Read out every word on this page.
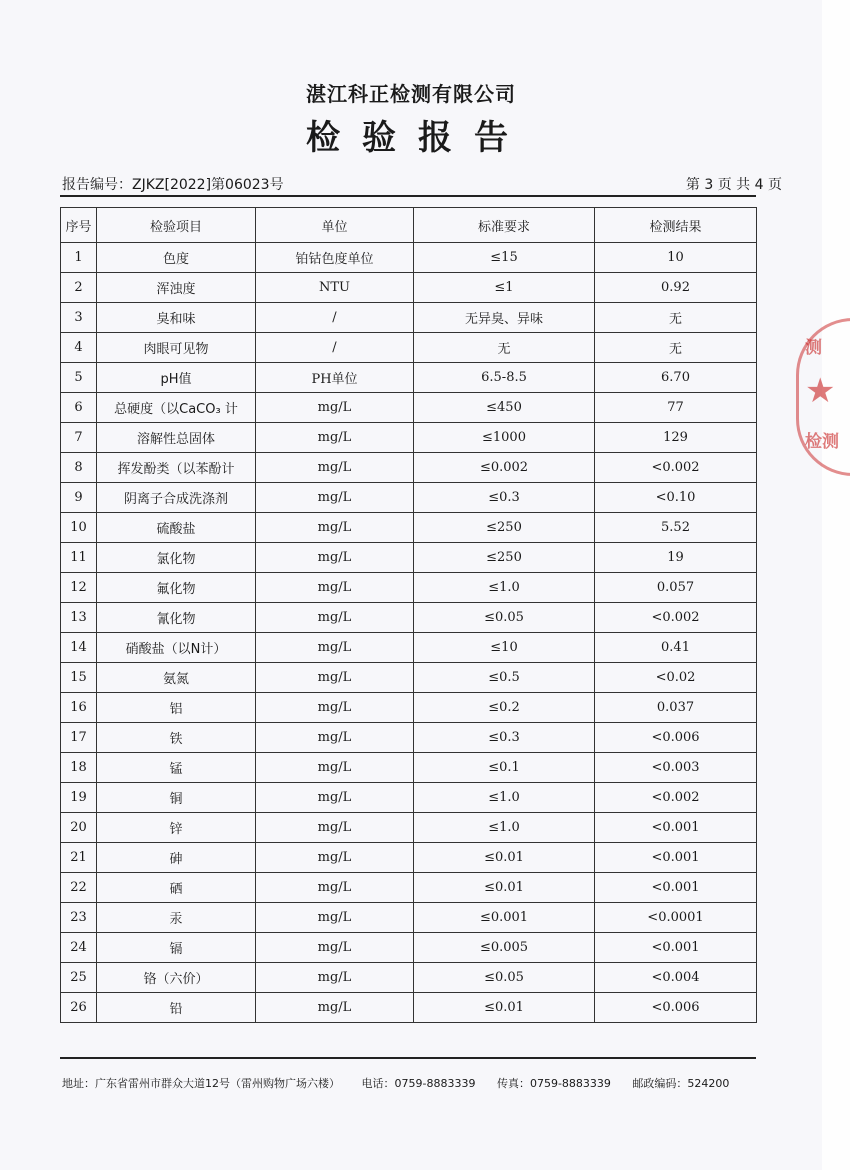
湛江科正检测有限公司
检验报告
报告编号：ZJKZ[2022]第06023号	第 3 页 共 4 页
序号	检验项目	单位	标准要求	检测结果
1	色度	铂钴色度单位	≤15	10
2	浑浊度	NTU	≤1	0.92
3	臭和味	/	无异臭、异味	无
4	肉眼可见物	/	无	无
5	pH值	PH单位	6.5-8.5	6.70
6	总硬度（以CaCO₃ 计	mg/L	≤450	77
7	溶解性总固体	mg/L	≤1000	129
8	挥发酚类（以苯酚计	mg/L	≤0.002	<0.002
9	阴离子合成洗涤剂	mg/L	≤0.3	<0.10
10	硫酸盐	mg/L	≤250	5.52
11	氯化物	mg/L	≤250	19
12	氟化物	mg/L	≤1.0	0.057
13	氰化物	mg/L	≤0.05	<0.002
14	硝酸盐（以N计）	mg/L	≤10	0.41
15	氨氮	mg/L	≤0.5	<0.02
16	铝	mg/L	≤0.2	0.037
17	铁	mg/L	≤0.3	<0.006
18	锰	mg/L	≤0.1	<0.003
19	铜	mg/L	≤1.0	<0.002
20	锌	mg/L	≤1.0	<0.001
21	砷	mg/L	≤0.01	<0.001
22	硒	mg/L	≤0.01	<0.001
23	汞	mg/L	≤0.001	<0.0001
24	镉	mg/L	≤0.005	<0.001
25	铬（六价）	mg/L	≤0.05	<0.004
26	铅	mg/L	≤0.01	<0.006
地址：广东省雷州市群众大道12号（雷州购物广场六楼） 电话：0759-8883339 传真：0759-8883339 邮政编码：524200
测
★
检测
